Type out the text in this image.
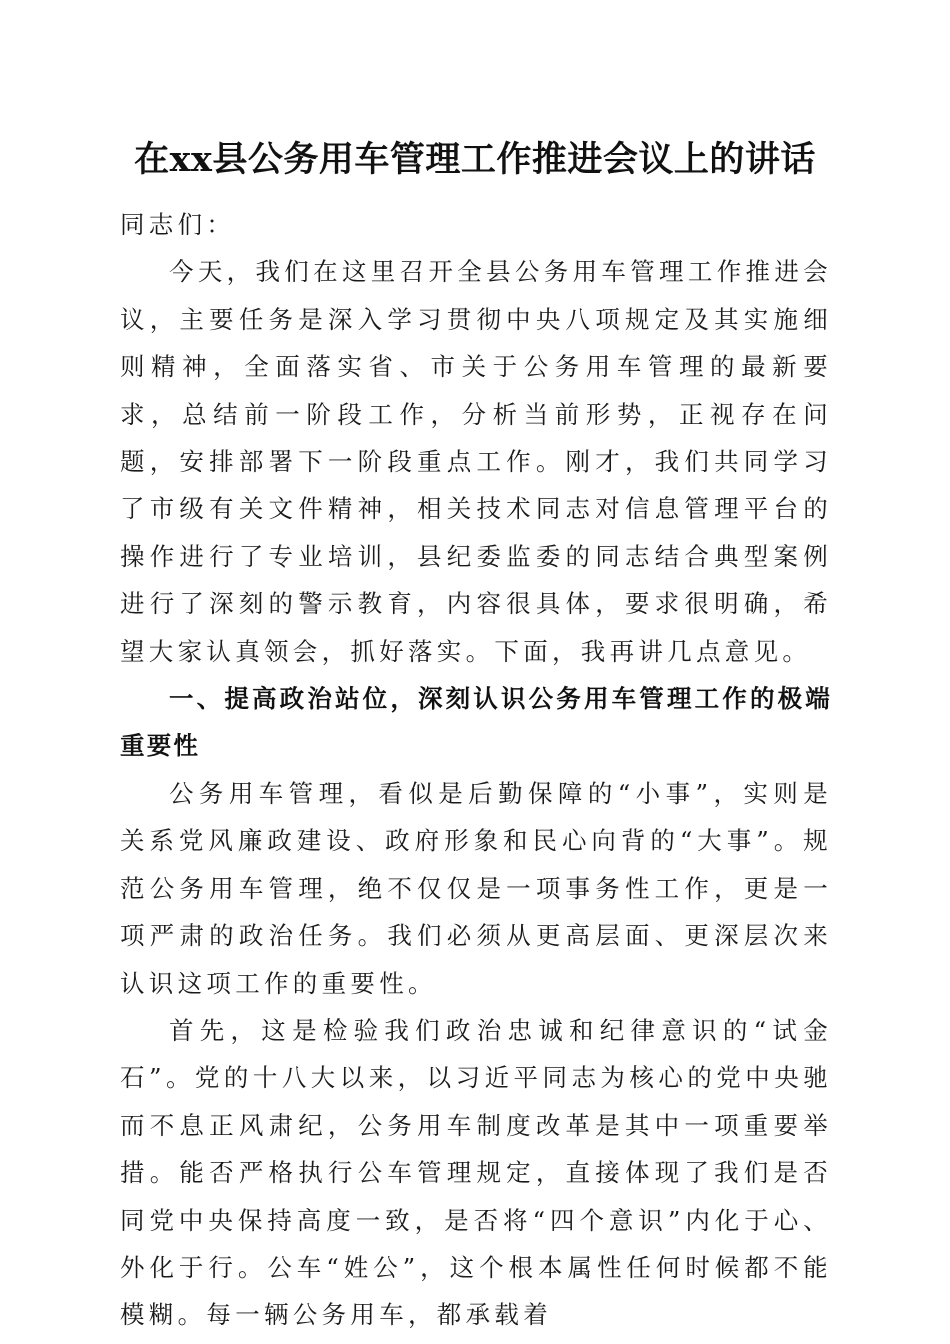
在xx县公务用车管理工作推进会议上的讲话

同志们：

今天，我们在这里召开全县公务用车管理工作推进会议，主要任务是深入学习贯彻中央八项规定及其实施细则精神，全面落实省、市关于公务用车管理的最新要求，总结前一阶段工作，分析当前形势，正视存在问题，安排部署下一阶段重点工作。刚才，我们共同学习了市级有关文件精神，相关技术同志对信息管理平台的操作进行了专业培训，县纪委监委的同志结合典型案例进行了深刻的警示教育，内容很具体，要求很明确，希望大家认真领会，抓好落实。下面，我再讲几点意见。

一、提高政治站位，深刻认识公务用车管理工作的极端重要性

公务用车管理，看似是后勤保障的“小事”，实则是关系党风廉政建设、政府形象和民心向背的“大事”。规范公务用车管理，绝不仅仅是一项事务性工作，更是一项严肃的政治任务。我们必须从更高层面、更深层次来认识这项工作的重要性。

首先，这是检验我们政治忠诚和纪律意识的“试金石”。党的十八大以来，以习近平同志为核心的党中央驰而不息正风肃纪，公务用车制度改革是其中一项重要举措。能否严格执行公车管理规定，直接体现了我们是否同党中央保持高度一致，是否将“四个意识”内化于心、外化于行。公车“姓公”，这个根本属性任何时候都不能模糊。每一辆公务用车，都承载着
